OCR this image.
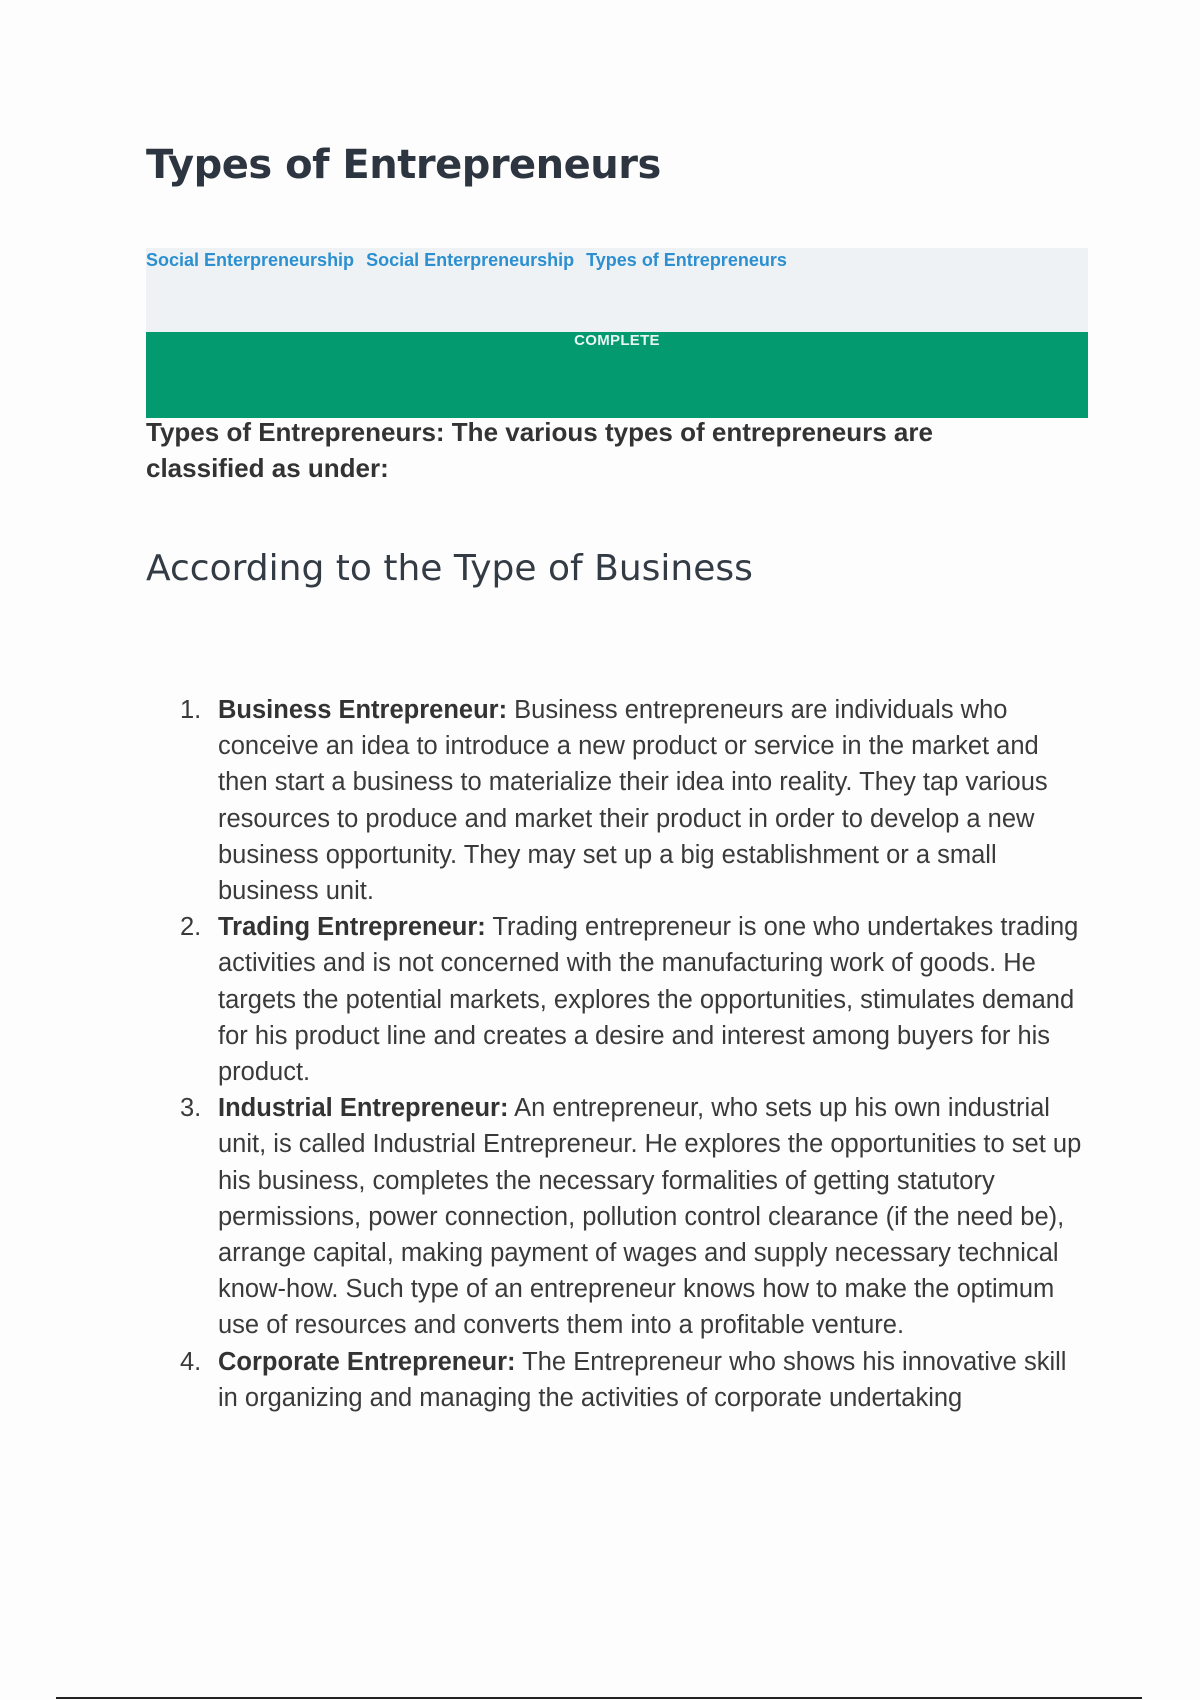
Types of Entrepreneurs
Social Enterpreneurship Social Enterpreneurship Types of Entrepreneurs
COMPLETE

Types of Entrepreneurs: The various types of entrepreneurs are classified as under:

According to the Type of Business
1. Business Entrepreneur: Business entrepreneurs are individuals who conceive an idea to introduce a new product or service in the market and then start a business to materialize their idea into reality. They tap various resources to produce and market their product in order to develop a new business opportunity. They may set up a big establishment or a small business unit.
2. Trading Entrepreneur: Trading entrepreneur is one who undertakes trading activities and is not concerned with the manufacturing work of goods. He targets the potential markets, explores the opportunities, stimulates demand for his product line and creates a desire and interest among buyers for his product.
3. Industrial Entrepreneur: An entrepreneur, who sets up his own industrial unit, is called Industrial Entrepreneur. He explores the opportunities to set up his business, completes the necessary formalities of getting statutory permissions, power connection, pollution control clearance (if the need be), arrange capital, making payment of wages and supply necessary technical know-how. Such type of an entrepreneur knows how to make the optimum use of resources and converts them into a profitable venture.
4. Corporate Entrepreneur: The Entrepreneur who shows his innovative skill in organizing and managing the activities of corporate undertaking
